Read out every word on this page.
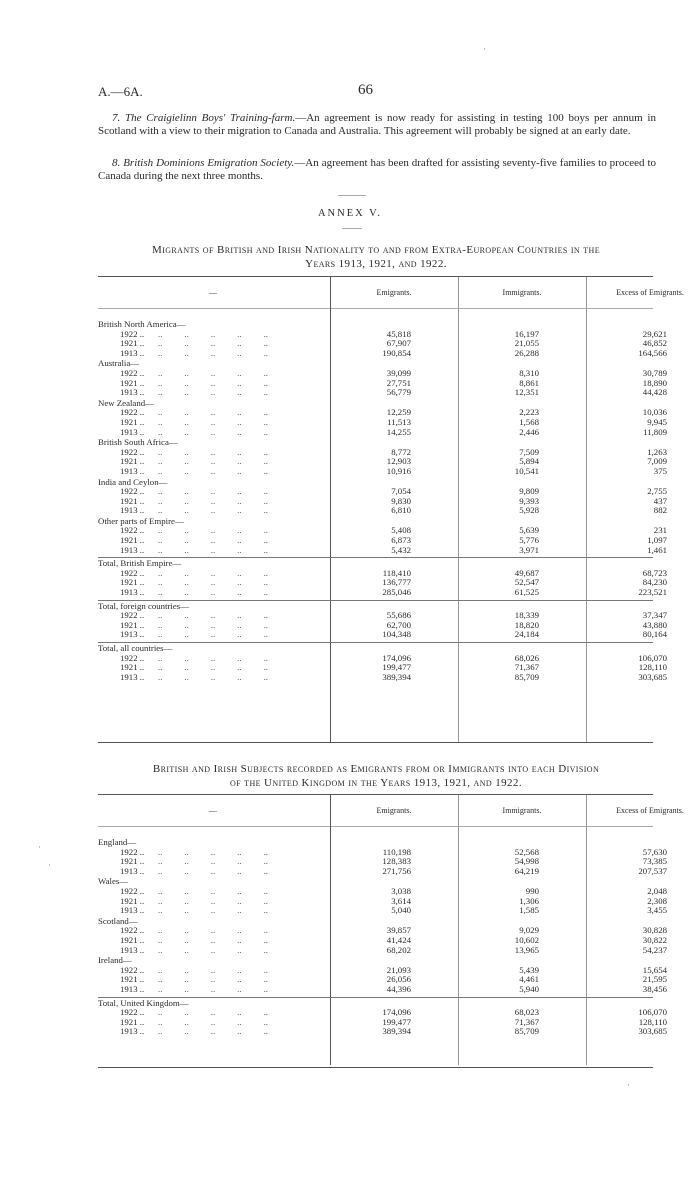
·
·
·
·
A.—6A.	66
7. The Craigielinn Boys' Training-farm.—An agreement is now ready for assisting in testing 100 boys per annum in Scotland with a view to their migration to Canada and Australia. This agreement will probably be signed at an early date.
8. British Dominions Emigration Society.—An agreement has been drafted for assisting seventy-five families to proceed to Canada during the next three months.
ANNEX V.
Migrants of British and Irish Nationality to and from Extra-European Countries in the
Years 1913, 1921, and 1922.
—	Emigrants.	Immigrants.	Excess of Emigrants.
British North America—
1922 .. ..          ..          ..          ..          ..	45,818	16,197	29,621
1921 .. ..          ..          ..          ..          ..	67,907	21,055	46,852
1913 .. ..          ..          ..          ..          ..	190,854	26,288	164,566
Australia—
1922 .. ..          ..          ..          ..          ..	39,099	8,310	30,789
1921 .. ..          ..          ..          ..          ..	27,751	8,861	18,890
1913 .. ..          ..          ..          ..          ..	56,779	12,351	44,428
New Zealand—
1922 .. ..          ..          ..          ..          ..	12,259	2,223	10,036
1921 .. ..          ..          ..          ..          ..	11,513	1,568	9,945
1913 .. ..          ..          ..          ..          ..	14,255	2,446	11,809
British South Africa—
1922 .. ..          ..          ..          ..          ..	8,772	7,509	1,263
1921 .. ..          ..          ..          ..          ..	12,903	5,894	7,009
1913 .. ..          ..          ..          ..          ..	10,916	10,541	375
India and Ceylon—
1922 .. ..          ..          ..          ..          ..	7,054	9,809	2,755
1921 .. ..          ..          ..          ..          ..	9,830	9,393	437
1913 .. ..          ..          ..          ..          ..	6,810	5,928	882
Other parts of Empire—
1922 .. ..          ..          ..          ..          ..	5,408	5,639	231
1921 .. ..          ..          ..          ..          ..	6,873	5,776	1,097
1913 .. ..          ..          ..          ..          ..	5,432	3,971	1,461
Total, British Empire—
1922 .. ..          ..          ..          ..          ..	118,410	49,687	68,723
1921 .. ..          ..          ..          ..          ..	136,777	52,547	84,230
1913 .. ..          ..          ..          ..          ..	285,046	61,525	223,521
Total, foreign countries—
1922 .. ..          ..          ..          ..          ..	55,686	18,339	37,347
1921 .. ..          ..          ..          ..          ..	62,700	18,820	43,880
1913 .. ..          ..          ..          ..          ..	104,348	24,184	80,164
Total, all countries—
1922 .. ..          ..          ..          ..          ..	174,096	68,026	106,070
1921 .. ..          ..          ..          ..          ..	199,477	71,367	128,110
1913 .. ..          ..          ..          ..          ..	389,394	85,709	303,685
British and Irish Subjects recorded as Emigrants from or Immigrants into each Division
of the United Kingdom in the Years 1913, 1921, and 1922.
—	Emigrants.	Immigrants.	Excess of Emigrants.
England—
1922 .. ..          ..          ..          ..          ..	110,198	52,568	57,630
1921 .. ..          ..          ..          ..          ..	128,383	54,998	73,385
1913 .. ..          ..          ..          ..          ..	271,756	64,219	207,537
Wales—
1922 .. ..          ..          ..          ..          ..	3,038	990	2,048
1921 .. ..          ..          ..          ..          ..	3,614	1,306	2,308
1913 .. ..          ..          ..          ..          ..	5,040	1,585	3,455
Scotland—
1922 .. ..          ..          ..          ..          ..	39,857	9,029	30,828
1921 .. ..          ..          ..          ..          ..	41,424	10,602	30,822
1913 .. ..          ..          ..          ..          ..	68,202	13,965	54,237
Ireland—
1922 .. ..          ..          ..          ..          ..	21,093	5,439	15,654
1921 .. ..          ..          ..          ..          ..	26,056	4,461	21,595
1913 .. ..          ..          ..          ..          ..	44,396	5,940	38,456
Total, United Kingdom—
1922 .. ..          ..          ..          ..          ..	174,096	68,023	106,070
1921 .. ..          ..          ..          ..          ..	199,477	71,367	128,110
1913 .. ..          ..          ..          ..          ..	389,394	85,709	303,685
